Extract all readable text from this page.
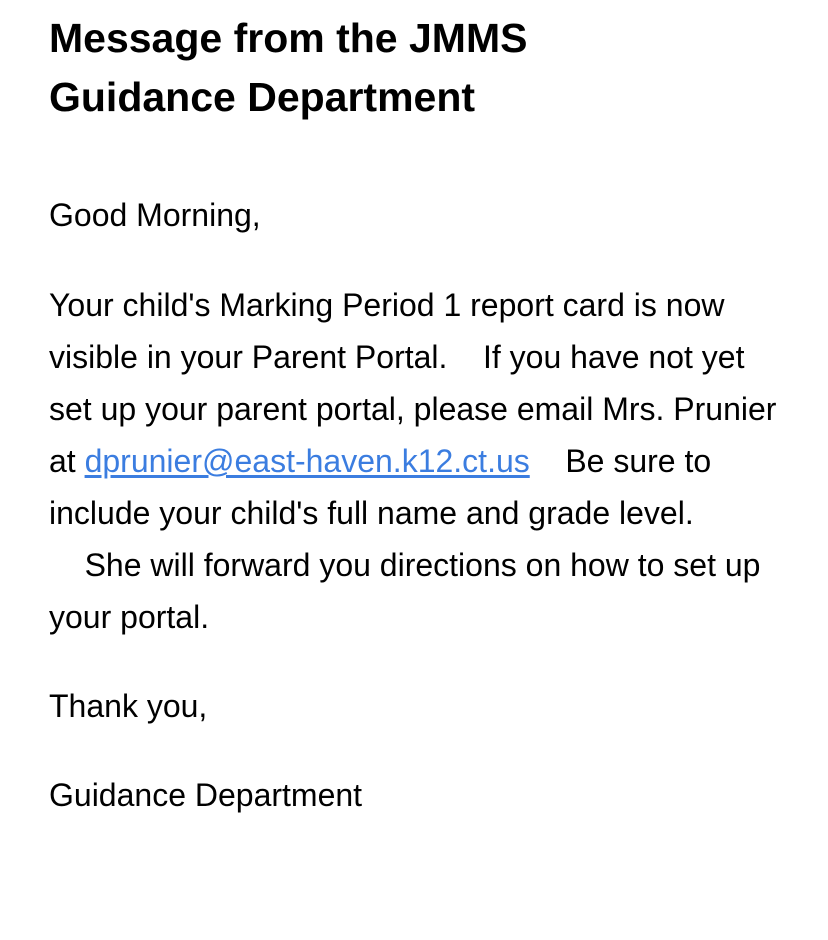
Message from the JMMS
Guidance Department

Good Morning,

Your child's Marking Period 1 report card is now visible in your Parent Portal. If you have not yet set up your parent portal, please email Mrs. Prunier at dprunier@east-haven.k12.ct.us Be sure to include your child's full name and grade level.    She will forward you directions on how to set up your portal.

Thank you,

Guidance Department
